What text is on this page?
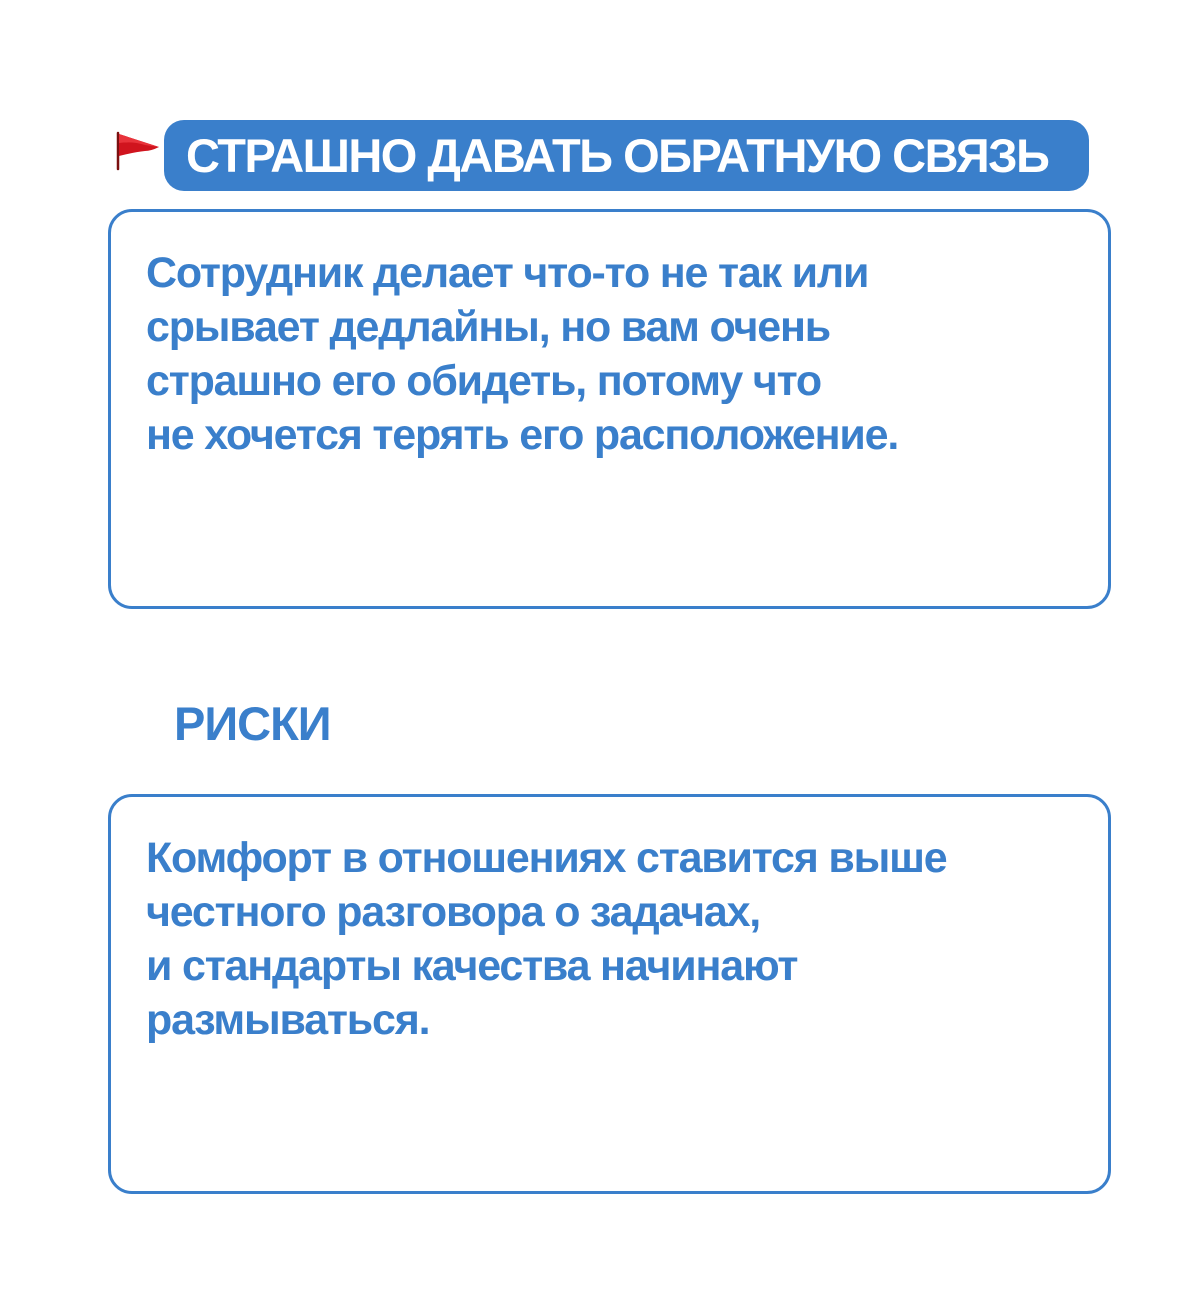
СТРАШНО ДАВАТЬ ОБРАТНУЮ СВЯЗЬ

Сотрудник делает что-то не так или
срывает дедлайны, но вам очень
страшно его обидеть, потому что
не хочется терять его расположение.

РИСКИ

Комфорт в отношениях ставится выше
честного разговора о задачах,
и стандарты качества начинают
размываться.
